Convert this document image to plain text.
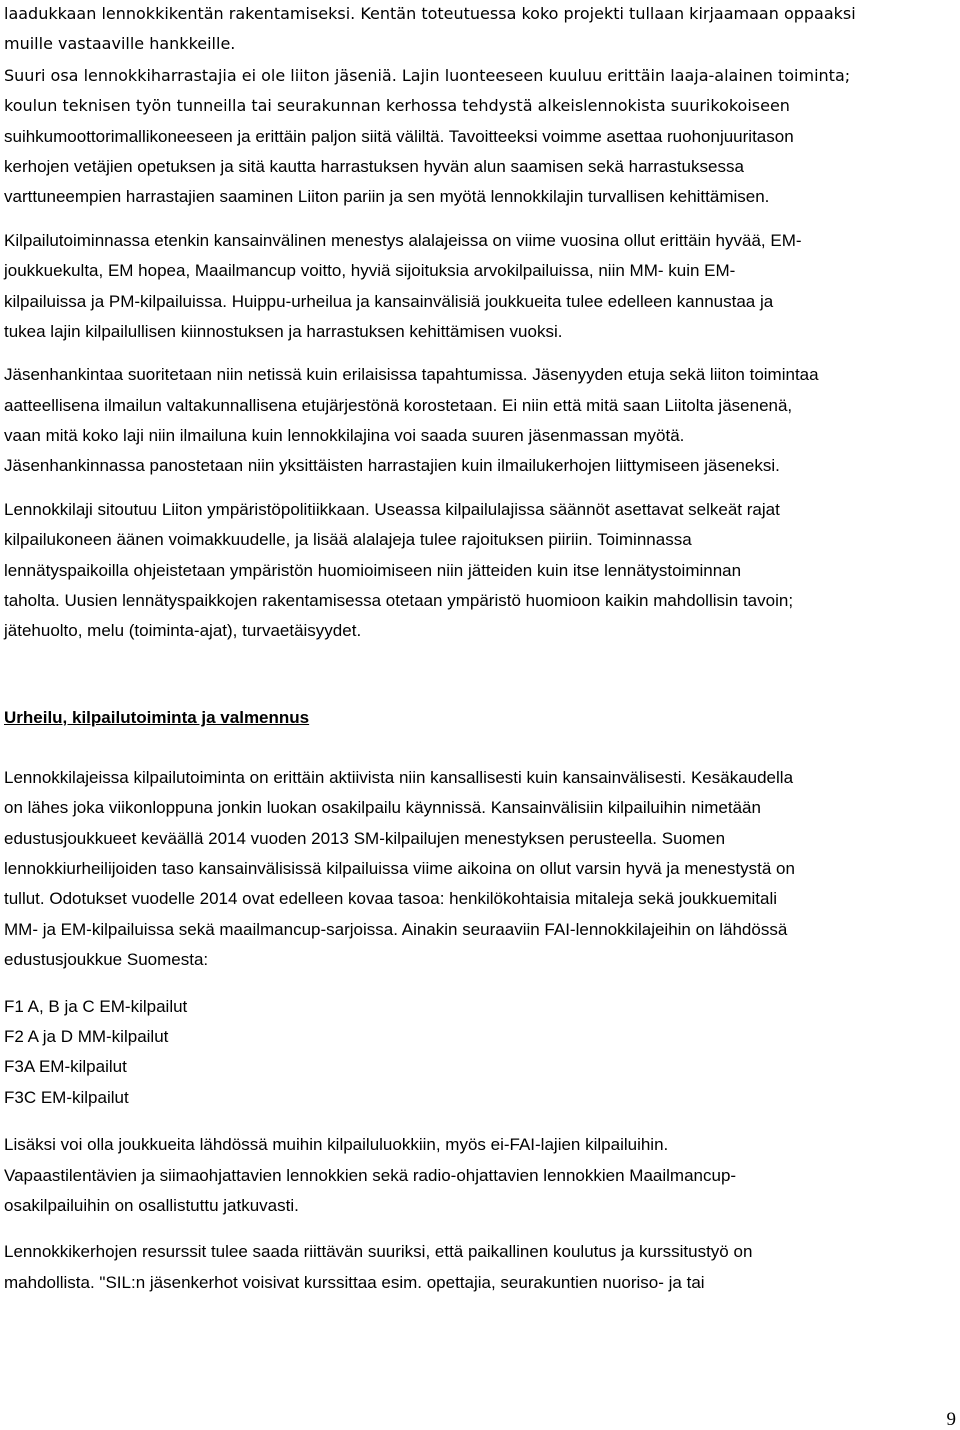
laadukkaan lennokkikentän rakentamiseksi. Kentän toteutuessa koko projekti tullaan kirjaamaan oppaaksi
muille vastaaville hankkeille.
Suuri osa lennokkiharrastajia ei ole liiton jäseniä. Lajin luonteeseen kuuluu erittäin laaja-alainen toiminta;
koulun teknisen työn tunneilla tai seurakunnan kerhossa tehdystä alkeislennokista suurikokoiseen
suihkumoottorimallikoneeseen ja erittäin paljon siitä väliltä. Tavoitteeksi voimme asettaa ruohonjuuritason
kerhojen vetäjien opetuksen ja sitä kautta harrastuksen hyvän alun saamisen sekä harrastuksessa
varttuneempien harrastajien saaminen Liiton pariin ja sen myötä lennokkilajin turvallisen kehittämisen.
Kilpailutoiminnassa etenkin kansainvälinen menestys alalajeissa on viime vuosina ollut erittäin hyvää, EM-
joukkuekulta, EM hopea, Maailmancup voitto, hyviä sijoituksia arvokilpailuissa, niin MM- kuin EM-
kilpailuissa ja PM-kilpailuissa. Huippu-urheilua ja kansainvälisiä joukkueita tulee edelleen kannustaa ja
tukea lajin kilpailullisen kiinnostuksen ja harrastuksen kehittämisen vuoksi.
Jäsenhankintaa suoritetaan niin netissä kuin erilaisissa tapahtumissa. Jäsenyyden etuja sekä liiton toimintaa
aatteellisena ilmailun valtakunnallisena etujärjestönä korostetaan. Ei niin että mitä saan Liitolta jäsenenä,
vaan mitä koko laji niin ilmailuna kuin lennokkilajina voi saada suuren jäsenmassan myötä.
Jäsenhankinnassa panostetaan niin yksittäisten harrastajien kuin ilmailukerhojen liittymiseen jäseneksi.
Lennokkilaji sitoutuu Liiton ympäristöpolitiikkaan. Useassa kilpailulajissa säännöt asettavat selkeät rajat
kilpailukoneen äänen voimakkuudelle, ja lisää alalajeja tulee rajoituksen piiriin. Toiminnassa
lennätyspaikoilla ohjeistetaan ympäristön huomioimiseen niin jätteiden kuin itse lennätystoiminnan
taholta. Uusien lennätyspaikkojen rakentamisessa otetaan ympäristö huomioon kaikin mahdollisin tavoin;
jätehuolto, melu (toiminta-ajat), turvaetäisyydet.
Urheilu, kilpailutoiminta ja valmennus
Lennokkilajeissa kilpailutoiminta on erittäin aktiivista niin kansallisesti kuin kansainvälisesti. Kesäkaudella
on lähes joka viikonloppuna jonkin luokan osakilpailu käynnissä. Kansainvälisiin kilpailuihin nimetään
edustusjoukkueet keväällä 2014 vuoden 2013 SM-kilpailujen menestyksen perusteella. Suomen
lennokkiurheilijoiden taso kansainvälisissä kilpailuissa viime aikoina on ollut varsin hyvä ja menestystä on
tullut. Odotukset vuodelle 2014 ovat edelleen kovaa tasoa: henkilökohtaisia mitaleja sekä joukkuemitali
MM- ja EM-kilpailuissa sekä maailmancup-sarjoissa. Ainakin seuraaviin FAI-lennokkilajeihin on lähdössä
edustusjoukkue Suomesta:
F1 A, B ja C EM-kilpailut
F2 A ja D MM-kilpailut
F3A EM-kilpailut
F3C EM-kilpailut
Lisäksi voi olla joukkueita lähdössä muihin kilpailuluokkiin, myös ei-FAI-lajien kilpailuihin.
Vapaastilentävien ja siimaohjattavien lennokkien sekä radio-ohjattavien lennokkien Maailmancup-
osakilpailuihin on osallistuttu jatkuvasti.
Lennokkikerhojen resurssit tulee saada riittävän suuriksi, että paikallinen koulutus ja kurssitustyö on
mahdollista. "SIL:n jäsenkerhot voisivat kurssittaa esim. opettajia, seurakuntien nuoriso- ja tai
9
